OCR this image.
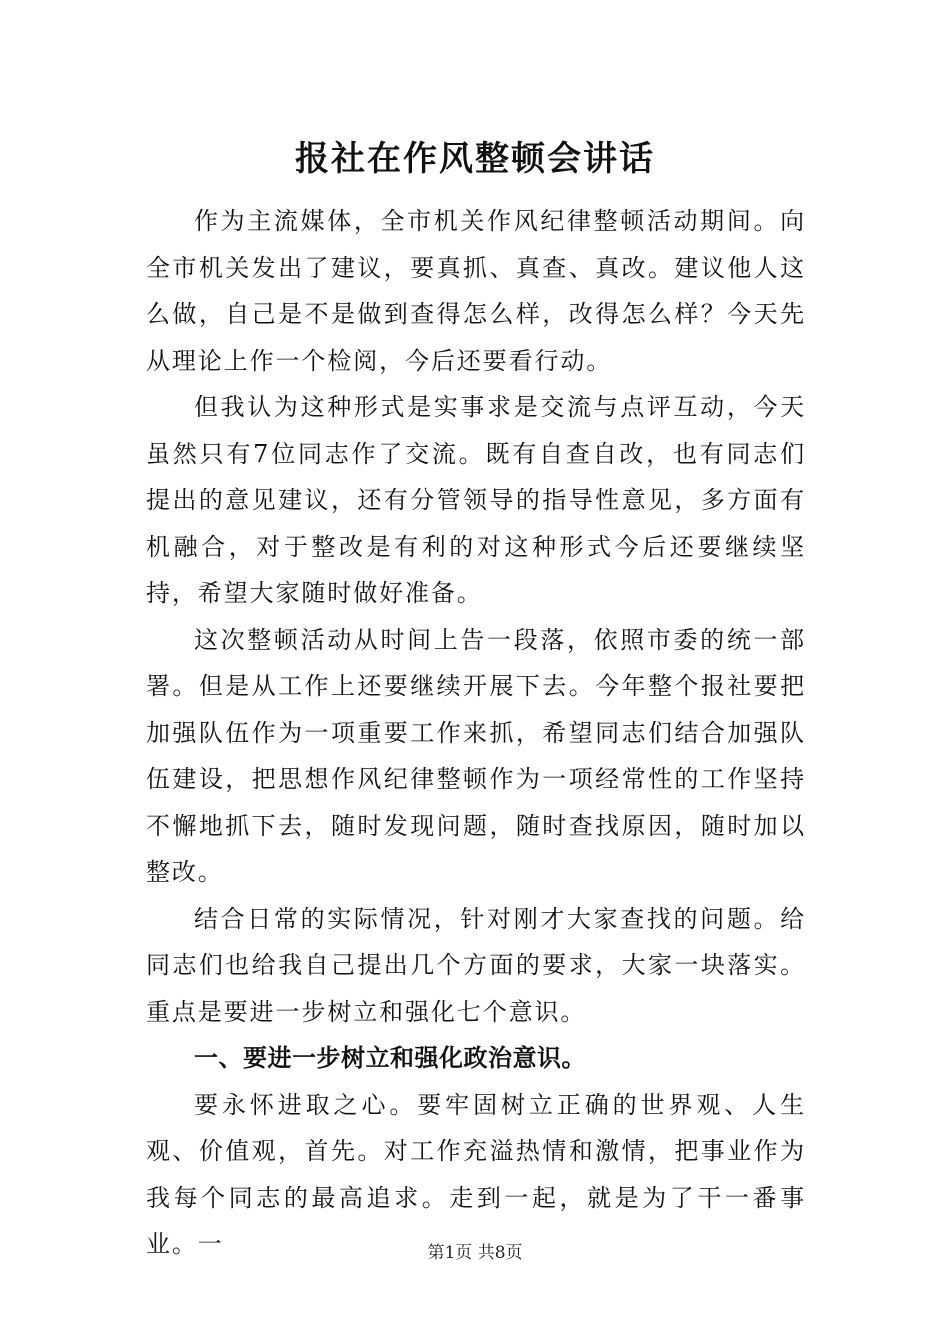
报社在作风整顿会讲话

作为主流媒体，全市机关作风纪律整顿活动期间。向全市机关发出了建议，要真抓、真查、真改。建议他人这么做，自己是不是做到查得怎么样，改得怎么样？今天先从理论上作一个检阅，今后还要看行动。

但我认为这种形式是实事求是交流与点评互动，今天虽然只有7位同志作了交流。既有自查自改，也有同志们提出的意见建议，还有分管领导的指导性意见，多方面有机融合，对于整改是有利的对这种形式今后还要继续坚持，希望大家随时做好准备。

这次整顿活动从时间上告一段落，依照市委的统一部署。但是从工作上还要继续开展下去。今年整个报社要把加强队伍作为一项重要工作来抓，希望同志们结合加强队伍建设，把思想作风纪律整顿作为一项经常性的工作坚持不懈地抓下去，随时发现问题，随时查找原因，随时加以整改。

结合日常的实际情况，针对刚才大家查找的问题。给同志们也给我自己提出几个方面的要求，大家一块落实。重点是要进一步树立和强化七个意识。

一、要进一步树立和强化政治意识。

要永怀进取之心。要牢固树立正确的世界观、人生观、价值观，首先。对工作充溢热情和激情，把事业作为我每个同志的最高追求。走到一起，就是为了干一番事业。一	第1页 共8页
